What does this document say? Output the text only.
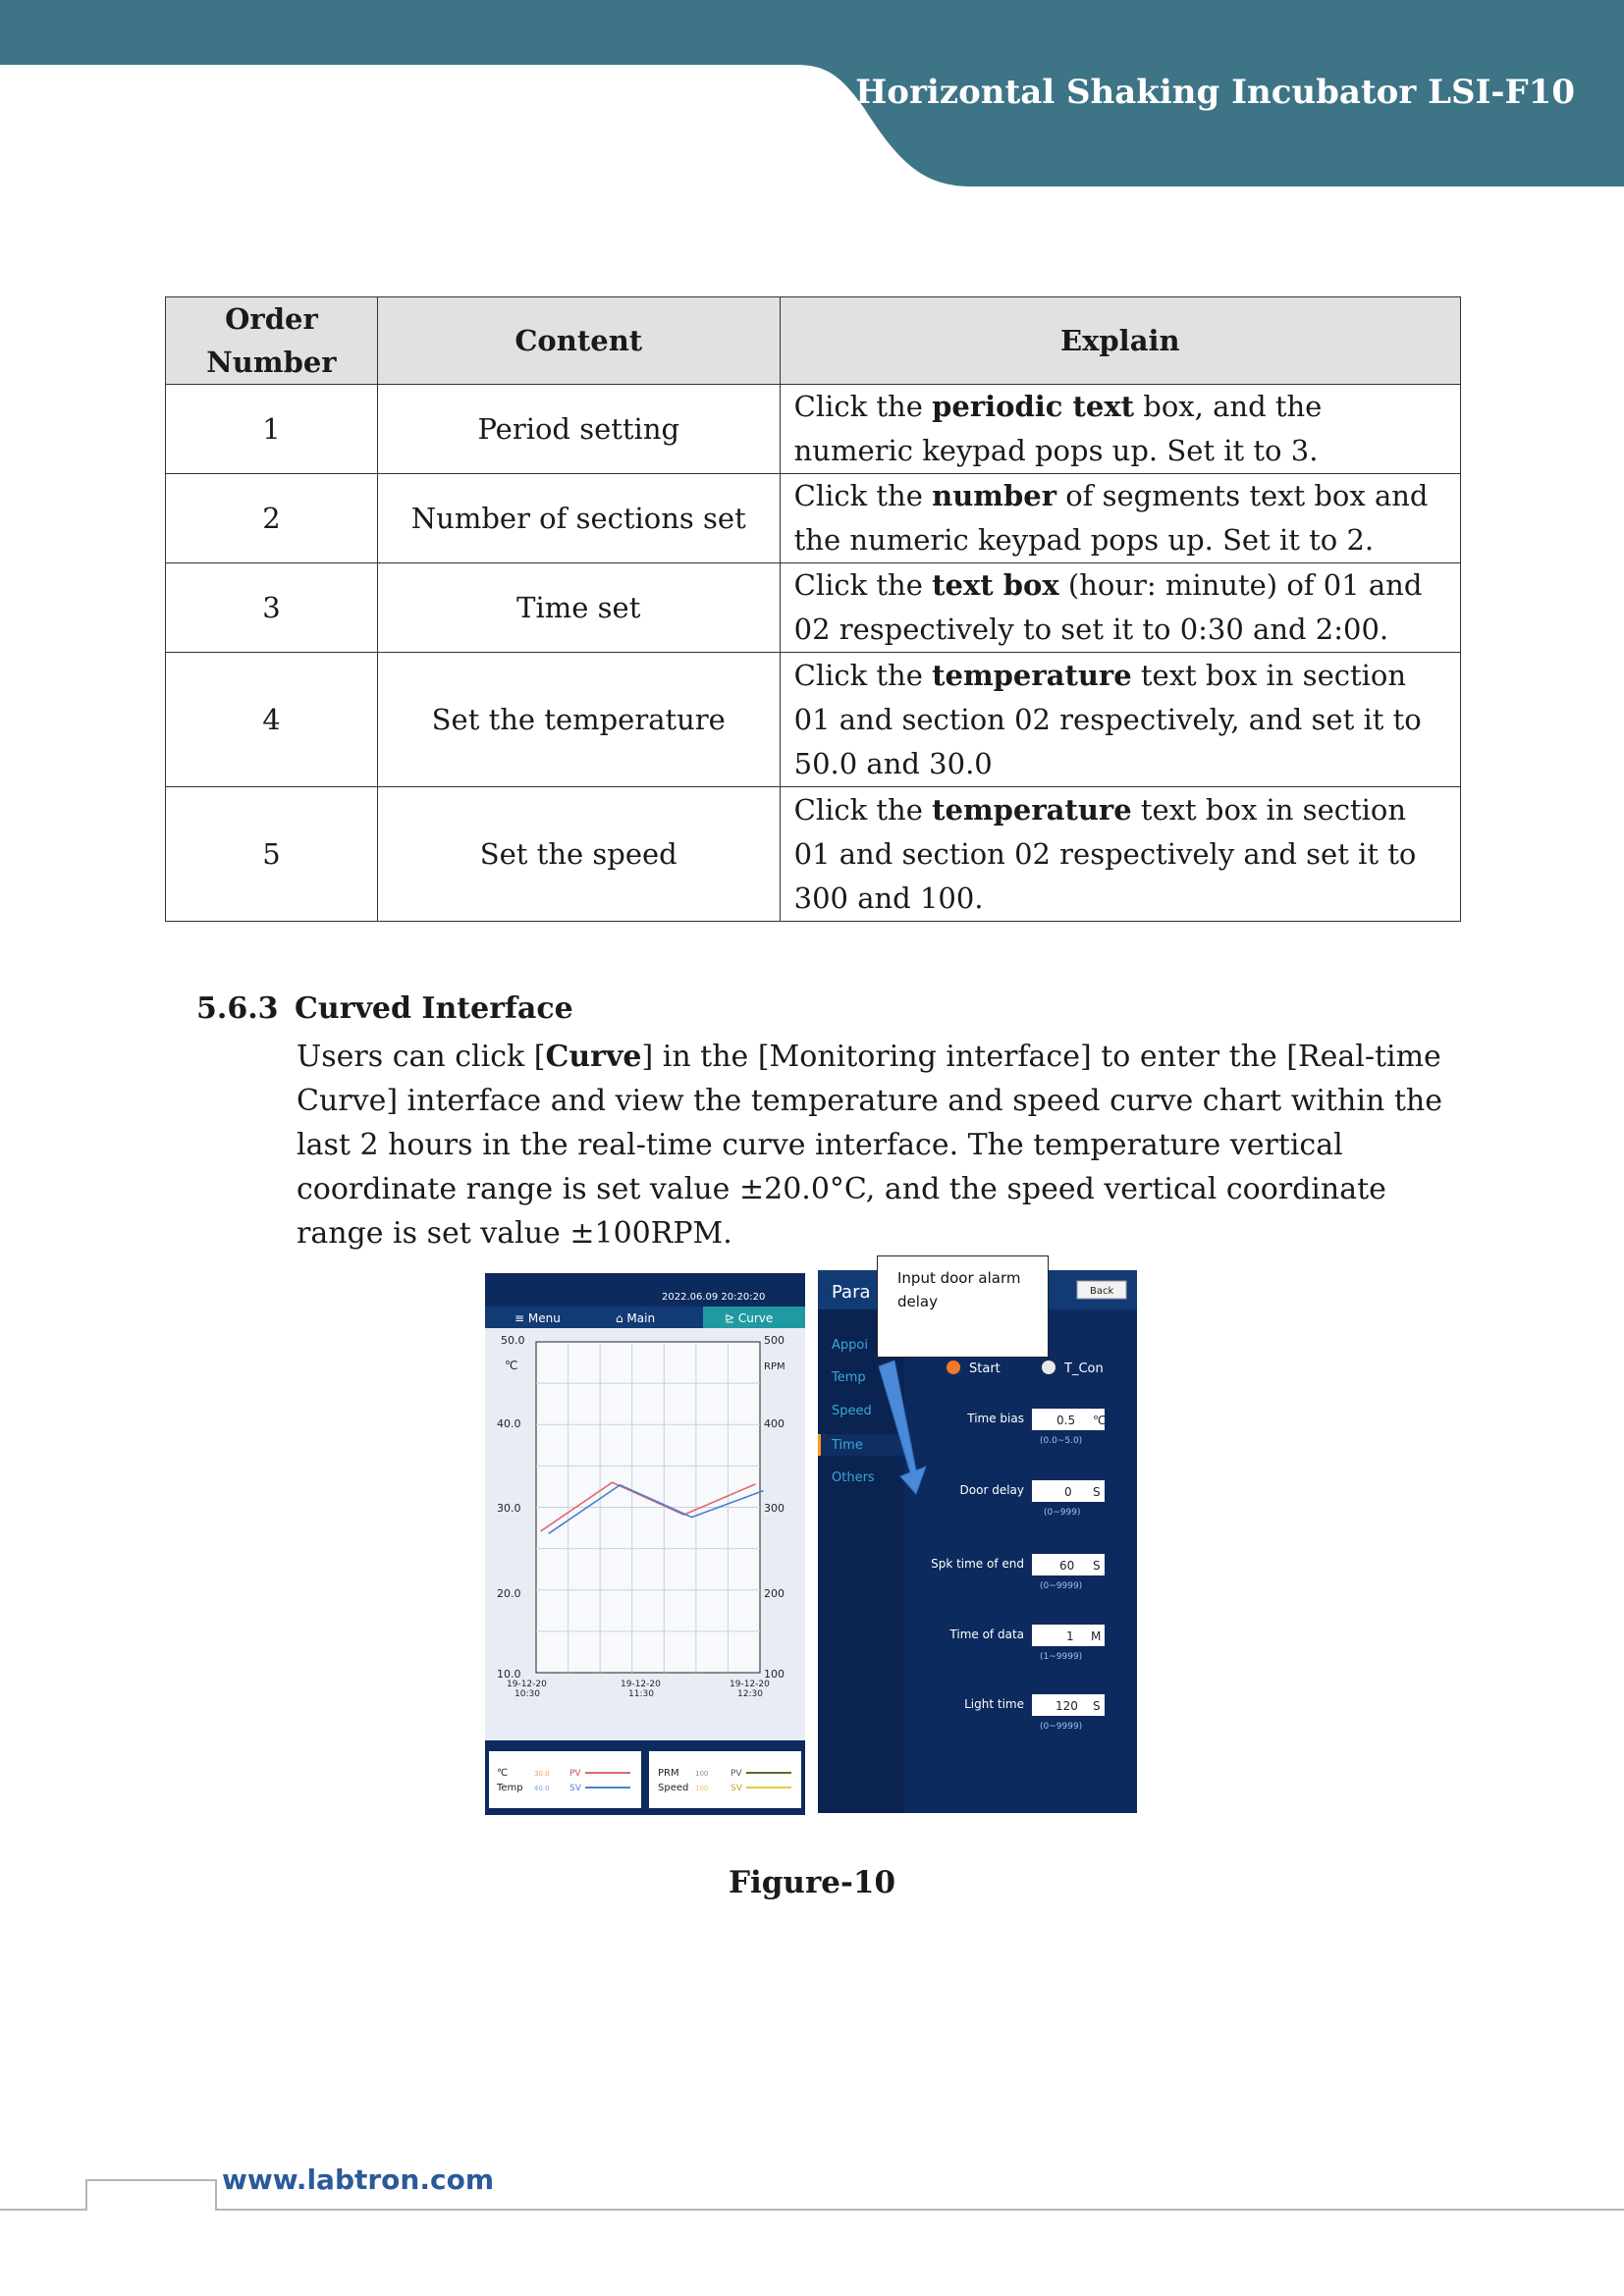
Horizontal Shaking Incubator LSI-F10
Order
Number	Content	Explain
1	Period setting	Click the periodic text box, and the numeric keypad pops up. Set it to 3.
2	Number of sections set	Click the number of segments text box and the numeric keypad pops up. Set it to 2.
3	Time set	Click the text box (hour: minute) of 01 and 02 respectively to set it to 0:30 and 2:00.
4	Set the temperature	Click the temperature text box in section 01 and section 02 respectively, and set it to 50.0 and 30.0
5	Set the speed	Click the temperature text box in section 01 and section 02 respectively and set it to 300 and 100.
5.6.3 Curved Interface
Users can click [Curve] in the [Monitoring interface] to enter the [Real-time Curve] interface and view the temperature and speed curve chart within the last 2 hours in the real-time curve interface. The temperature vertical coordinate range is set value ±20.0°C, and the speed vertical coordinate range is set value ±100RPM.
2022.06.09 20:20:20
≡ Menu	⌂ Main	⊵ Curve
50.0
℃
40.0
30.0
20.0
10.0
500
RPM
400
300
200
100
19-12-20
10:30
19-12-20
11:30
19-12-20
12:30
℃
Temp
30.0
40.0
PV
SV
PRM
Speed
100
100
PV
SV
Para	Back
Appoi
Temp
Speed
Time
Others
Start	T_Con
Time bias	0.5 ℃
(0.0~5.0)
Door delay	0 S
(0~999)
Spk time of end	60 S
(0~9999)
Time of data	1 M
(1~9999)
Light time	120 S
(0~9999)
Input door alarm delay
Figure-10
www.labtron.com
